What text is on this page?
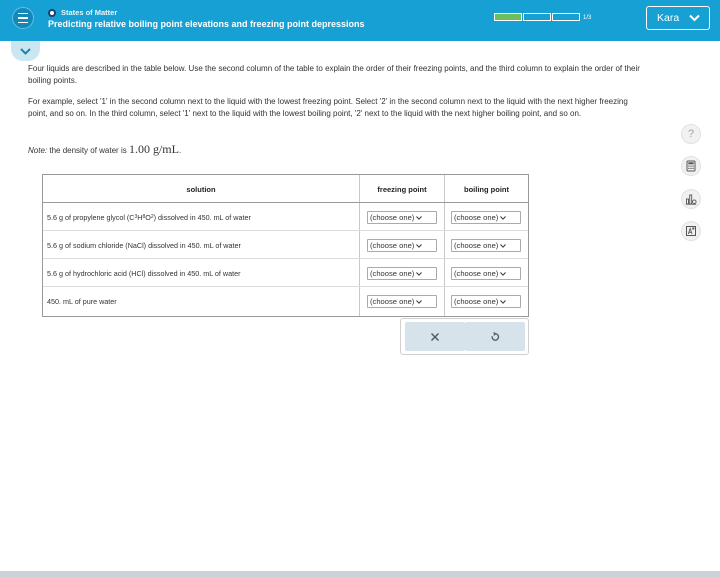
States of Matter
Predicting relative boiling point elevations and freezing point depressions
1/3	Kara

Four liquids are described in the table below. Use the second column of the table to explain the order of their freezing points, and the third column to explain the order of their boiling points.

For example, select '1' in the second column next to the liquid with the lowest freezing point. Select '2' in the second column next to the liquid with the next higher freezing point, and so on. In the third column, select '1' next to the liquid with the lowest boiling point, '2' next to the liquid with the next higher boiling point, and so on.

Note: the density of water is 1.00 g/mL.

solution	freezing point	boiling point
5.6 g of propylene glycol (C 3 H 8 O 2 ) dissolved in 450. mL of water	(choose one)	(choose one)
5.6 g of sodium chloride (NaCl) dissolved in 450. mL of water	(choose one)	(choose one)
5.6 g of hydrochloric acid (HCl) dissolved in 450. mL of water	(choose one)	(choose one)
450. mL of pure water	(choose one)	(choose one)
?
